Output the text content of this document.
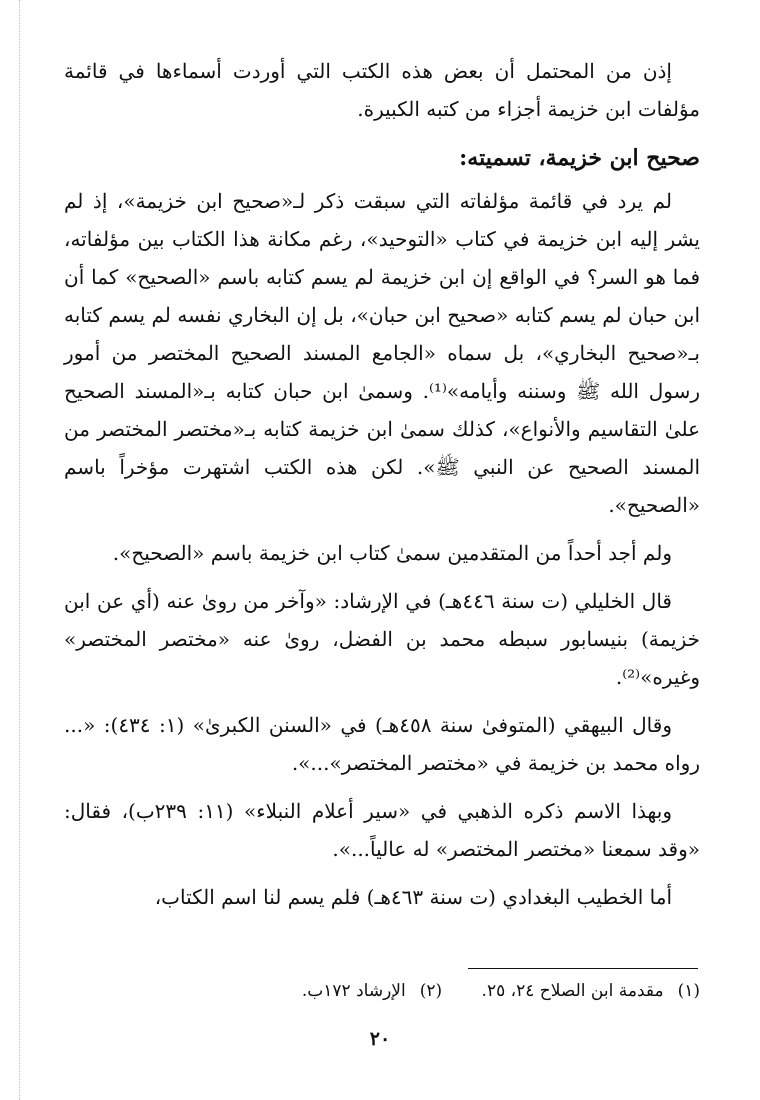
إذن من المحتمل أن بعض هذه الكتب التي أوردت أسماءها في قائمة مؤلفات ابن خزيمة أجزاء من كتبه الكبيرة.

صحيح ابن خزيمة، تسميته:

لم يرد في قائمة مؤلفاته التي سبقت ذكر لـ«صحيح ابن خزيمة»، إذ لم يشر إليه ابن خزيمة في كتاب «التوحيد»، رغم مكانة هذا الكتاب بين مؤلفاته، فما هو السر؟ في الواقع إن ابن خزيمة لم يسم كتابه باسم «الصحيح» كما أن ابن حبان لم يسم كتابه «صحيح ابن حبان»، بل إن البخاري نفسه لم يسم كتابه بـ«صحيح البخاري»، بل سماه «الجامع المسند الصحيح المختصر من أمور رسول الله ﷺ وسننه وأيامه»⁽¹⁾. وسمىٰ ابن حبان كتابه بـ«المسند الصحيح علىٰ التقاسيم والأنواع»، كذلك سمىٰ ابن خزيمة كتابه بـ«مختصر المختصر من المسند الصحيح عن النبي ﷺ». لكن هذه الكتب اشتهرت مؤخراً باسم «الصحيح».

ولم أجد أحداً من المتقدمين سمىٰ كتاب ابن خزيمة باسم «الصحيح».

قال الخليلي (ت سنة ٤٤٦هـ) في الإرشاد: «وآخر من روىٰ عنه (أي عن ابن خزيمة) بنيسابور سبطه محمد بن الفضل، روىٰ عنه «مختصر المختصر» وغيره»⁽²⁾.

وقال البيهقي (المتوفىٰ سنة ٤٥٨هـ) في «السنن الكبرىٰ» (١: ٤٣٤): «... رواه محمد بن خزيمة في «مختصر المختصر»...».

وبهذا الاسم ذكره الذهبي في «سير أعلام النبلاء» (١١: ٢٣٩ب)، فقال: «وقد سمعنا «مختصر المختصر» له عالياً...».

أما الخطيب البغدادي (ت سنة ٤٦٣هـ) فلم يسم لنا اسم الكتاب،

(١)مقدمة ابن الصلاح ٢٤، ٢٥. (٢)الإرشاد ١٧٢ب.
٢٠
